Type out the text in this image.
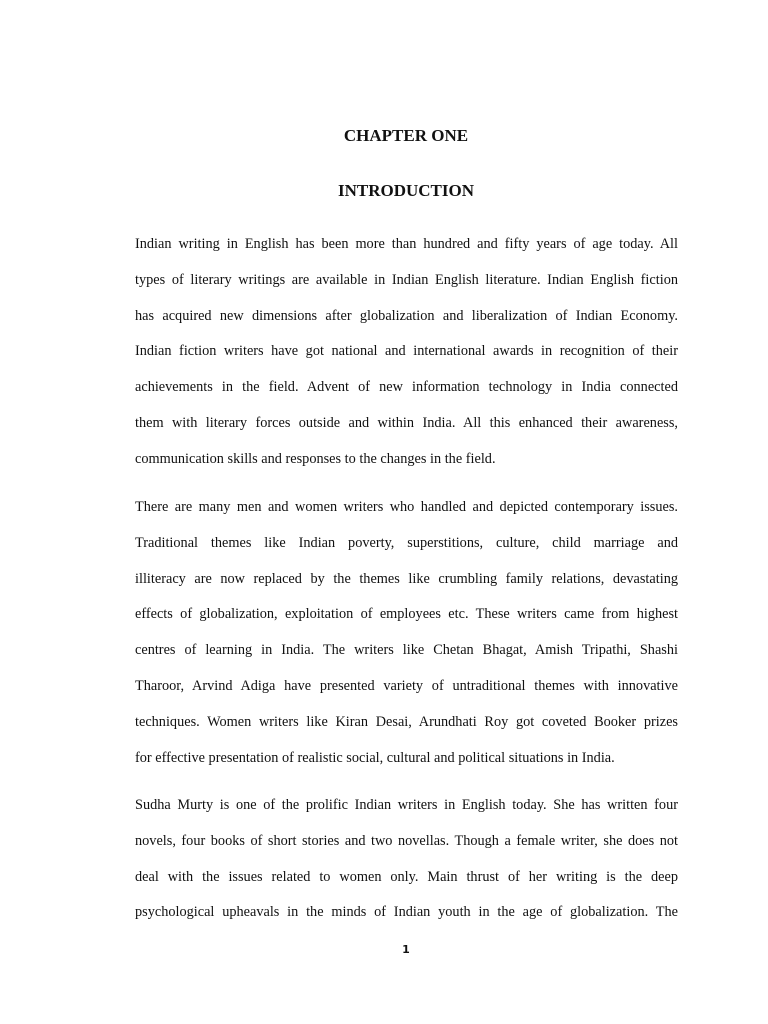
CHAPTER ONE
INTRODUCTION

Indian writing in English has been more than hundred and fifty years of age today. All
types of literary writings are available in Indian English literature. Indian English fiction
has acquired new dimensions after globalization and liberalization of Indian Economy.
Indian fiction writers have got national and international awards in recognition of their
achievements in the field. Advent of new information technology in India connected
them with literary forces outside and within India. All this enhanced their awareness,
communication skills and responses to the changes in the field.

There are many men and women writers who handled and depicted contemporary issues.
Traditional themes like Indian poverty, superstitions, culture, child marriage and
illiteracy are now replaced by the themes like crumbling family relations, devastating
effects of globalization, exploitation of employees etc. These writers came from highest
centres of learning in India. The writers like Chetan Bhagat, Amish Tripathi, Shashi
Tharoor, Arvind Adiga have presented variety of untraditional themes with innovative
techniques. Women writers like Kiran Desai, Arundhati Roy got coveted Booker prizes
for effective presentation of realistic social, cultural and political situations in India.

Sudha Murty is one of the prolific Indian writers in English today. She has written four
novels, four books of short stories and two novellas. Though a female writer, she does not
deal with the issues related to women only. Main thrust of her writing is the deep
psychological upheavals in the minds of Indian youth in the age of globalization. The

1
